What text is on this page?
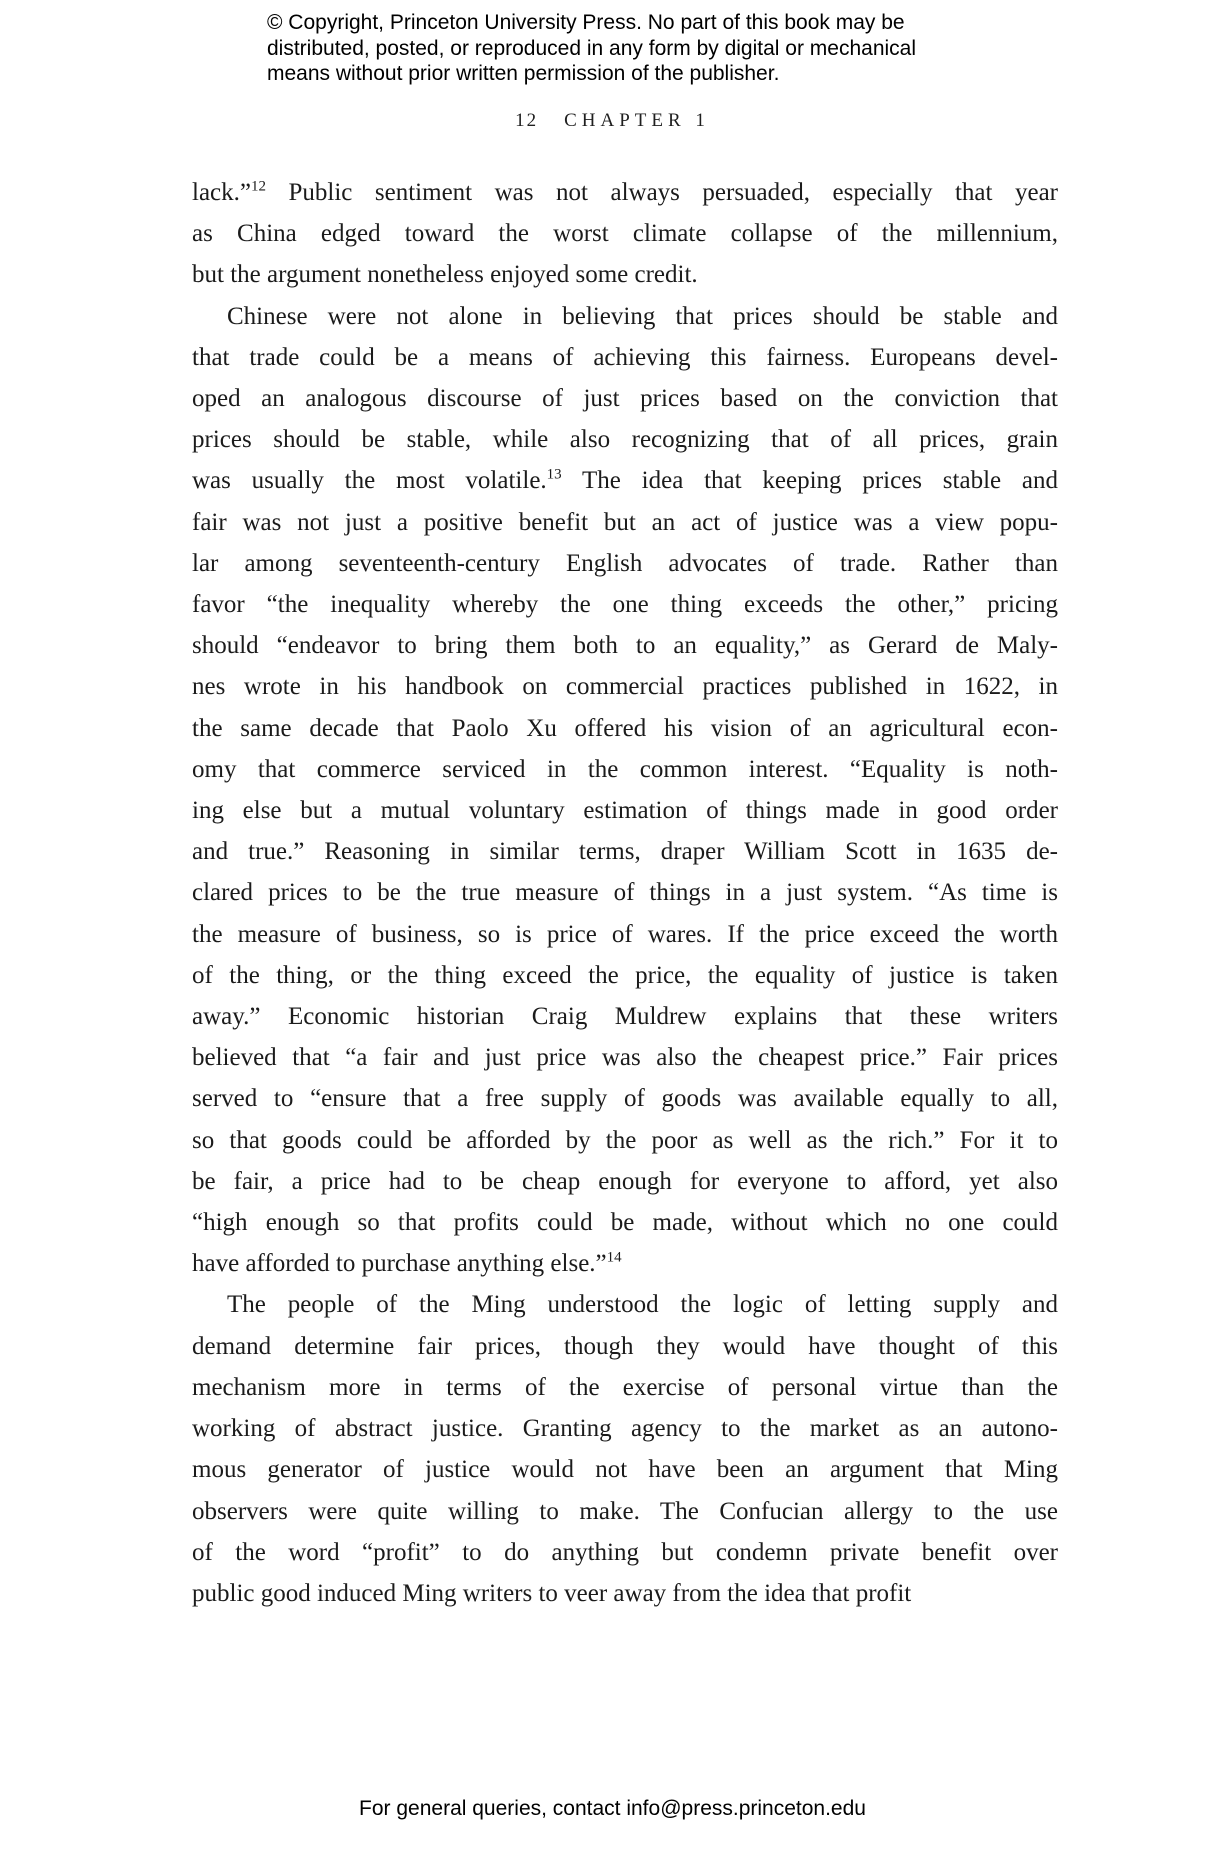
© Copyright, Princeton University Press. No part of this book may be
distributed, posted, or reproduced in any form by digital or mechanical
means without prior written permission of the publisher.
12 CHAPTER 1
lack.”$^{12}$ Public sentiment was not always persuaded, especially that year
as China edged toward the worst climate collapse of the millennium,
but the argument nonetheless enjoyed some credit.
Chinese were not alone in believing that prices should be stable and
that trade could be a means of achieving this fairness. Europeans devel-
oped an analogous discourse of just prices based on the conviction that
prices should be stable, while also recognizing that of all prices, grain
was usually the most volatile.$^{13}$ The idea that keeping prices stable and
fair was not just a positive benefit but an act of justice was a view popu-
lar among seventeenth-century English advocates of trade. Rather than
favor “the inequality whereby the one thing exceeds the other,” pricing
should “endeavor to bring them both to an equality,” as Gerard de Maly-
nes wrote in his handbook on commercial practices published in 1622, in
the same decade that Paolo Xu offered his vision of an agricultural econ-
omy that commerce serviced in the common interest. “Equality is noth-
ing else but a mutual voluntary estimation of things made in good order
and true.” Reasoning in similar terms, draper William Scott in 1635 de-
clared prices to be the true measure of things in a just system. “As time is
the measure of business, so is price of wares. If the price exceed the worth
of the thing, or the thing exceed the price, the equality of justice is taken
away.” Economic historian Craig Muldrew explains that these writers
believed that “a fair and just price was also the cheapest price.” Fair prices
served to “ensure that a free supply of goods was available equally to all,
so that goods could be afforded by the poor as well as the rich.” For it to
be fair, a price had to be cheap enough for everyone to afford, yet also
“high enough so that profits could be made, without which no one could
have afforded to purchase anything else.”$^{14}$
The people of the Ming understood the logic of letting supply and
demand determine fair prices, though they would have thought of this
mechanism more in terms of the exercise of personal virtue than the
working of abstract justice. Granting agency to the market as an autono-
mous generator of justice would not have been an argument that Ming
observers were quite willing to make. The Confucian allergy to the use
of the word “profit” to do anything but condemn private benefit over
public good induced Ming writers to veer away from the idea that profit
For general queries, contact info@press.princeton.edu
